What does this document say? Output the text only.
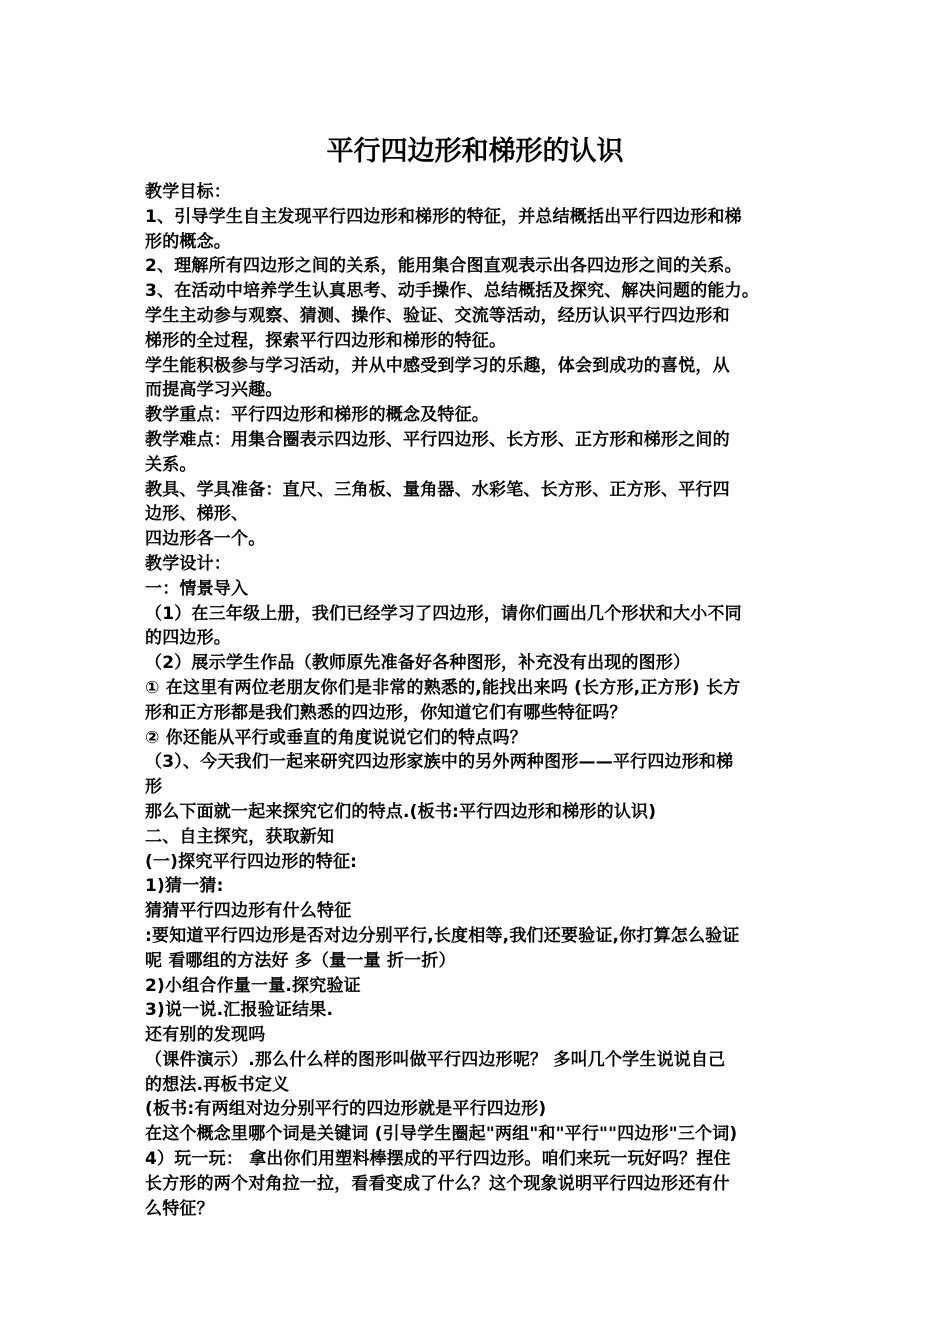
平行四边形和梯形的认识
教学目标：
1、引导学生自主发现平行四边形和梯形的特征，并总结概括出平行四边形和梯
形的概念。
2、理解所有四边形之间的关系，能用集合图直观表示出各四边形之间的关系。
3、在活动中培养学生认真思考、动手操作、总结概括及探究、解决问题的能力。
学生主动参与观察、猜测、操作、验证、交流等活动，经历认识平行四边形和
梯形的全过程，探索平行四边形和梯形的特征。
学生能积极参与学习活动，并从中感受到学习的乐趣，体会到成功的喜悦，从
而提高学习兴趣。
教学重点：平行四边形和梯形的概念及特征。
教学难点：用集合圈表示四边形、平行四边形、长方形、正方形和梯形之间的
关系。
教具、学具准备：直尺、三角板、量角器、水彩笔、长方形、正方形、平行四
边形、梯形、
四边形各一个。
教学设计：
一：情景导入
（1）在三年级上册，我们已经学习了四边形，请你们画出几个形状和大小不同
的四边形。
（2）展示学生作品（教师原先准备好各种图形，补充没有出现的图形）
① 在这里有两位老朋友你们是非常的熟悉的,能找出来吗 (长方形,正方形) 长方
形和正方形都是我们熟悉的四边形，你知道它们有哪些特征吗？
② 你还能从平行或垂直的角度说说它们的特点吗？
（3）、今天我们一起来研究四边形家族中的另外两种图形——平行四边形和梯
形
那么下面就一起来探究它们的特点.(板书:平行四边形和梯形的认识)
二、自主探究，获取新知
(一)探究平行四边形的特征:
1)猜一猜:
猜猜平行四边形有什么特征
:要知道平行四边形是否对边分别平行,长度相等,我们还要验证,你打算怎么验证
呢 看哪组的方法好 多（量一量 折一折）
2)小组合作量一量.探究验证
3)说一说.汇报验证结果.
还有别的发现吗
（课件演示）.那么什么样的图形叫做平行四边形呢？ 多叫几个学生说说自己
的想法.再板书定义
(板书:有两组对边分别平行的四边形就是平行四边形)
在这个概念里哪个词是关键词 (引导学生圈起"两组"和"平行""四边形"三个词)
4）玩一玩： 拿出你们用塑料棒摆成的平行四边形。咱们来玩一玩好吗？捏住
长方形的两个对角拉一拉，看看变成了什么？这个现象说明平行四边形还有什
么特征？
